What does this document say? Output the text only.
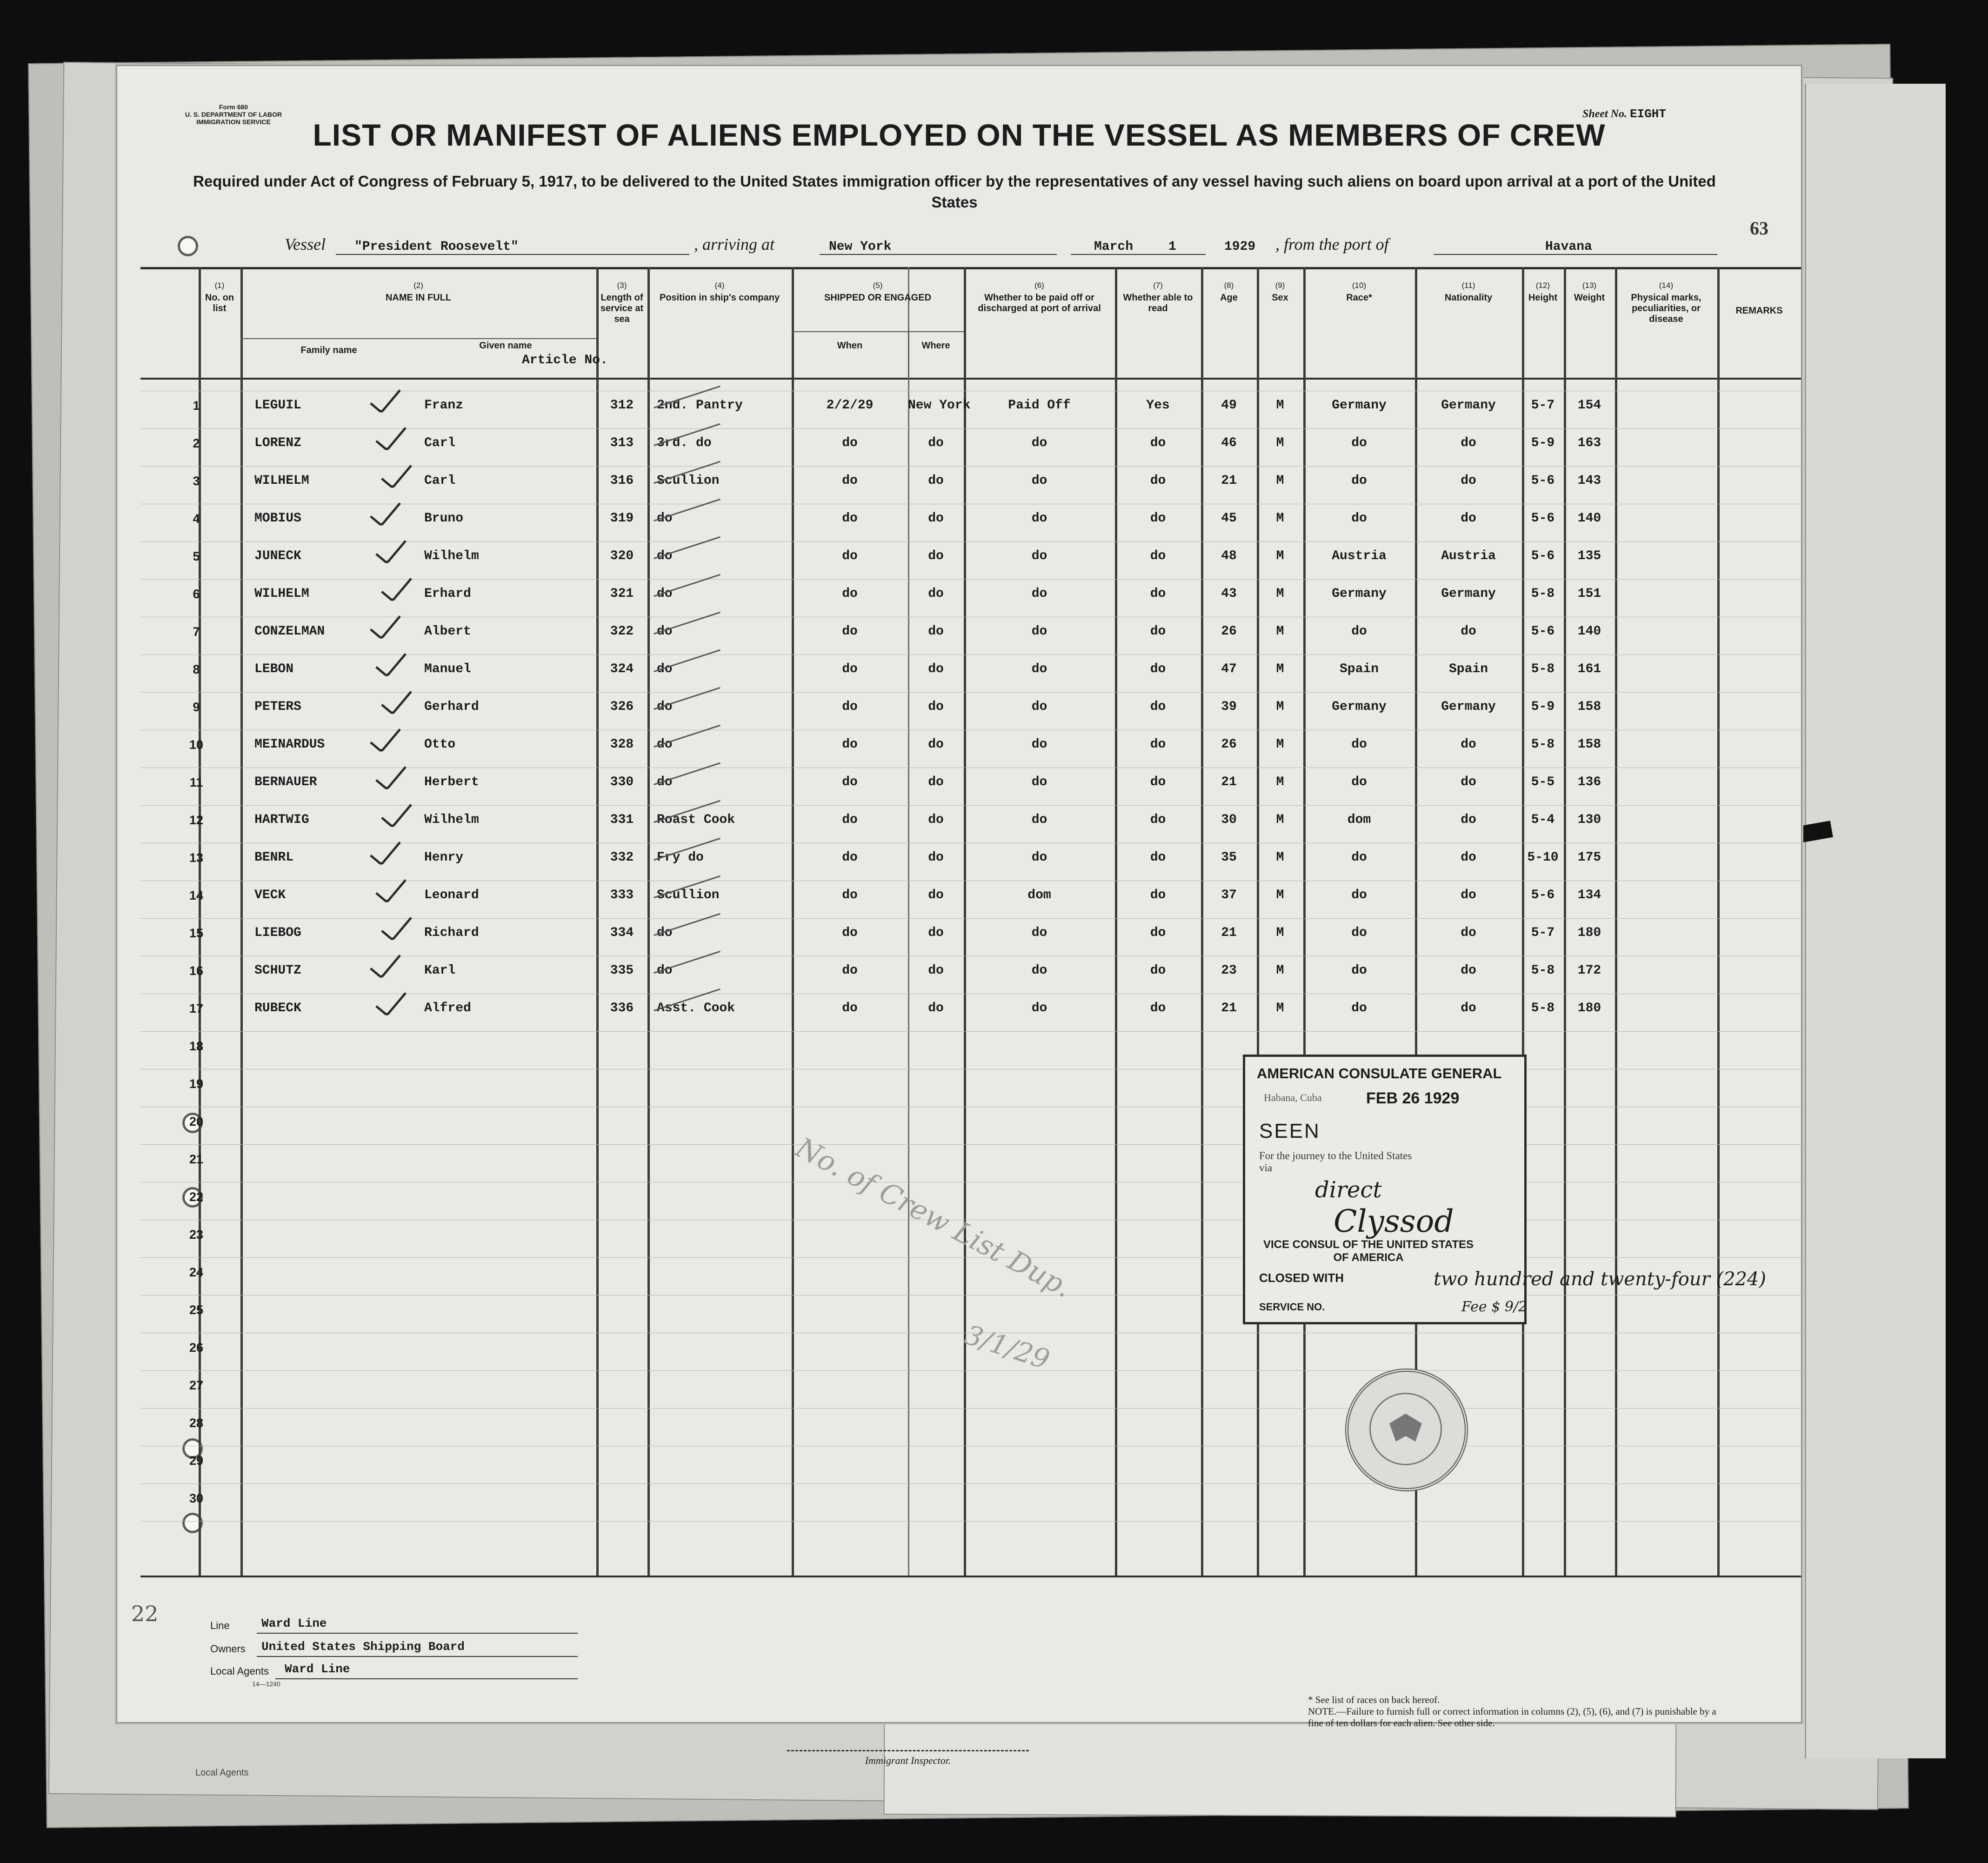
Local Agents
Form 680
U. S. DEPARTMENT OF LABOR
IMMIGRATION SERVICE
Sheet No. EIGHT
LIST OR MANIFEST OF ALIENS EMPLOYED ON THE VESSEL AS MEMBERS OF CREW
Required under Act of Congress of February 5, 1917, to be delivered to the United States immigration officer by the representatives of any vessel having such aliens on board upon arrival at a port of the United States
63
Vessel "President Roosevelt"	, arriving at	New York	March	1	1929 , from the port of	Havana
(1)
No. on list
(2)
NAME IN FULL
Family name	Given name
(3)
Length of service at sea
(4)
Position in ship's company
(5)
SHIPPED OR ENGAGED
When	Where
(6)
Whether to be paid off or discharged at port of arrival
(7)
Whether able to read
(8)
Age
(9)
Sex
(10)
Race*
(11)
Nationality
(12)
Height
(13)
Weight
(14)
Physical marks, peculiarities, or disease
REMARKS
Article No.
1	LEGUIL	Franz	312	2nd. Pantry	2/2/29	New York	Paid Off	Yes	49	M	Germany	Germany	5-7	154
2	LORENZ	Carl	313	3rd. do	do	do	do	do	46	M	do	do	5-9	163
3	WILHELM	Carl	316	Scullion	do	do	do	do	21	M	do	do	5-6	143
4	MOBIUS	Bruno	319	do	do	do	do	do	45	M	do	do	5-6	140
5	JUNECK	Wilhelm	320	do	do	do	do	do	48	M	Austria	Austria	5-6	135
6	WILHELM	Erhard	321	do	do	do	do	do	43	M	Germany	Germany	5-8	151
7	CONZELMAN	Albert	322	do	do	do	do	do	26	M	do	do	5-6	140
8	LEBON	Manuel	324	do	do	do	do	do	47	M	Spain	Spain	5-8	161
9	PETERS	Gerhard	326	do	do	do	do	do	39	M	Germany	Germany	5-9	158
10	MEINARDUS	Otto	328	do	do	do	do	do	26	M	do	do	5-8	158
11	BERNAUER	Herbert	330	do	do	do	do	do	21	M	do	do	5-5	136
12	HARTWIG	Wilhelm	331	Roast Cook	do	do	do	do	30	M	dom	do	5-4	130
13	BENRL	Henry	332	Fry do	do	do	do	do	35	M	do	do	5-10	175
14	VECK	Leonard	333	Scullion	do	do	dom	do	37	M	do	do	5-6	134
15	LIEBOG	Richard	334	do	do	do	do	do	21	M	do	do	5-7	180
16	SCHUTZ	Karl	335	do	do	do	do	do	23	M	do	do	5-8	172
17	RUBECK	Alfred	336	Asst. Cook	do	do	do	do	21	M	do	do	5-8	180
18
19
20
21
22
23
24
25
26
27
28
29
30
No. of Crew List Dup.
3/1/29
AMERICAN CONSULATE GENERAL
Habana, Cuba	FEB 26 1929
SEEN
For the journey to the United States via
direct
Clyssod
VICE CONSUL OF THE UNITED STATES OF AMERICA
CLOSED WITH
SERVICE NO.
two hundred and twenty-four (224)
Fee $ 9/2
22	Line	Ward Line
Owners United States Shipping Board
Local Agents Ward Line
14—1240
Immigrant Inspector.
* See list of races on back hereof.
NOTE.—Failure to furnish full or correct information in columns (2), (5), (6), and (7) is punishable by a fine of ten dollars for each alien. See other side.
